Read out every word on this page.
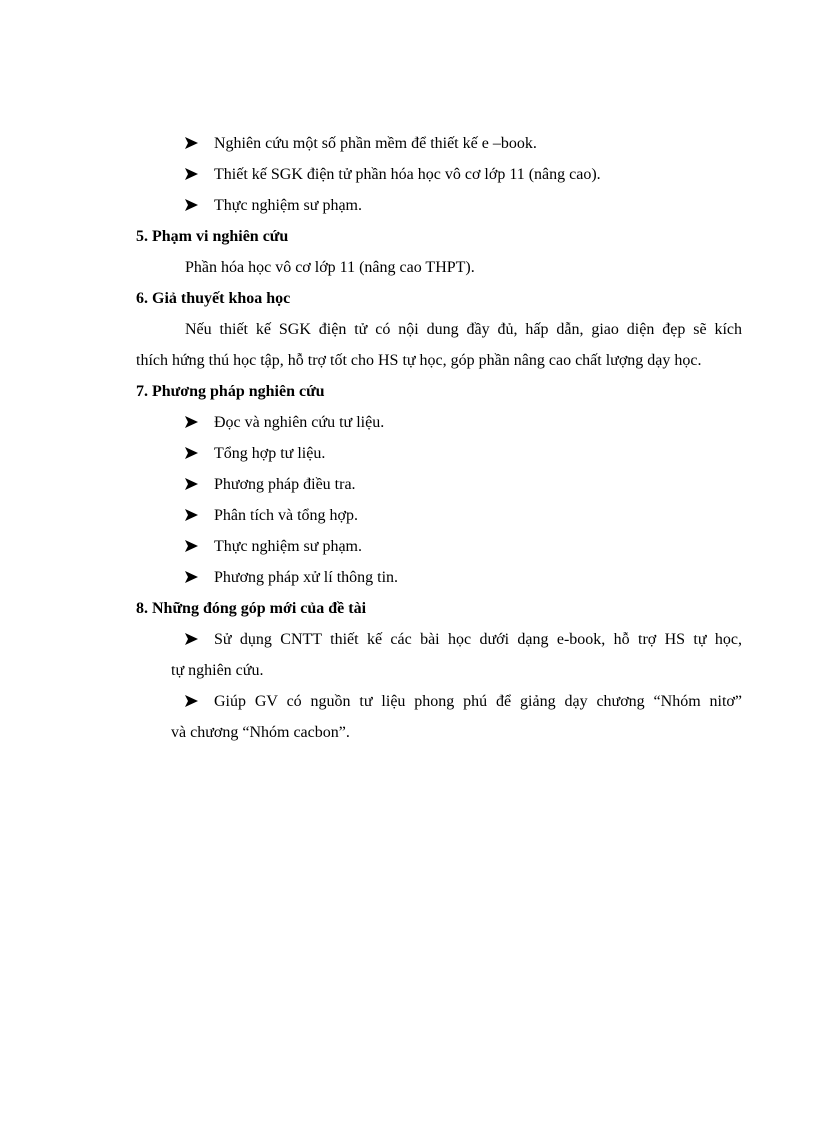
Nghiên cứu một số phần mềm để thiết kế e –book.
Thiết kế SGK điện tử phần hóa học vô cơ lớp 11 (nâng cao).
Thực nghiệm sư phạm.
5. Phạm vi nghiên cứu
Phần hóa học vô cơ lớp 11 (nâng cao THPT).
6. Giả thuyết khoa học
Nếu thiết kế SGK điện tử có nội dung đầy đủ, hấp dẫn, giao diện đẹp sẽ kích
thích hứng thú học tập, hỗ trợ tốt cho HS tự học, góp phần nâng cao chất lượng dạy học.
7. Phương pháp nghiên cứu
Đọc và nghiên cứu tư liệu.
Tổng hợp tư liệu.
Phương pháp điều tra.
Phân tích và tổng hợp.
Thực nghiệm sư phạm.
Phương pháp xử lí thông tin.
8. Những đóng góp mới của đề tài
Sử dụng CNTT thiết kế các bài học dưới dạng e-book, hỗ trợ HS tự học,
tự nghiên cứu.
Giúp GV có nguồn tư liệu phong phú để giảng dạy chương “Nhóm nitơ”
và chương “Nhóm cacbon”.
